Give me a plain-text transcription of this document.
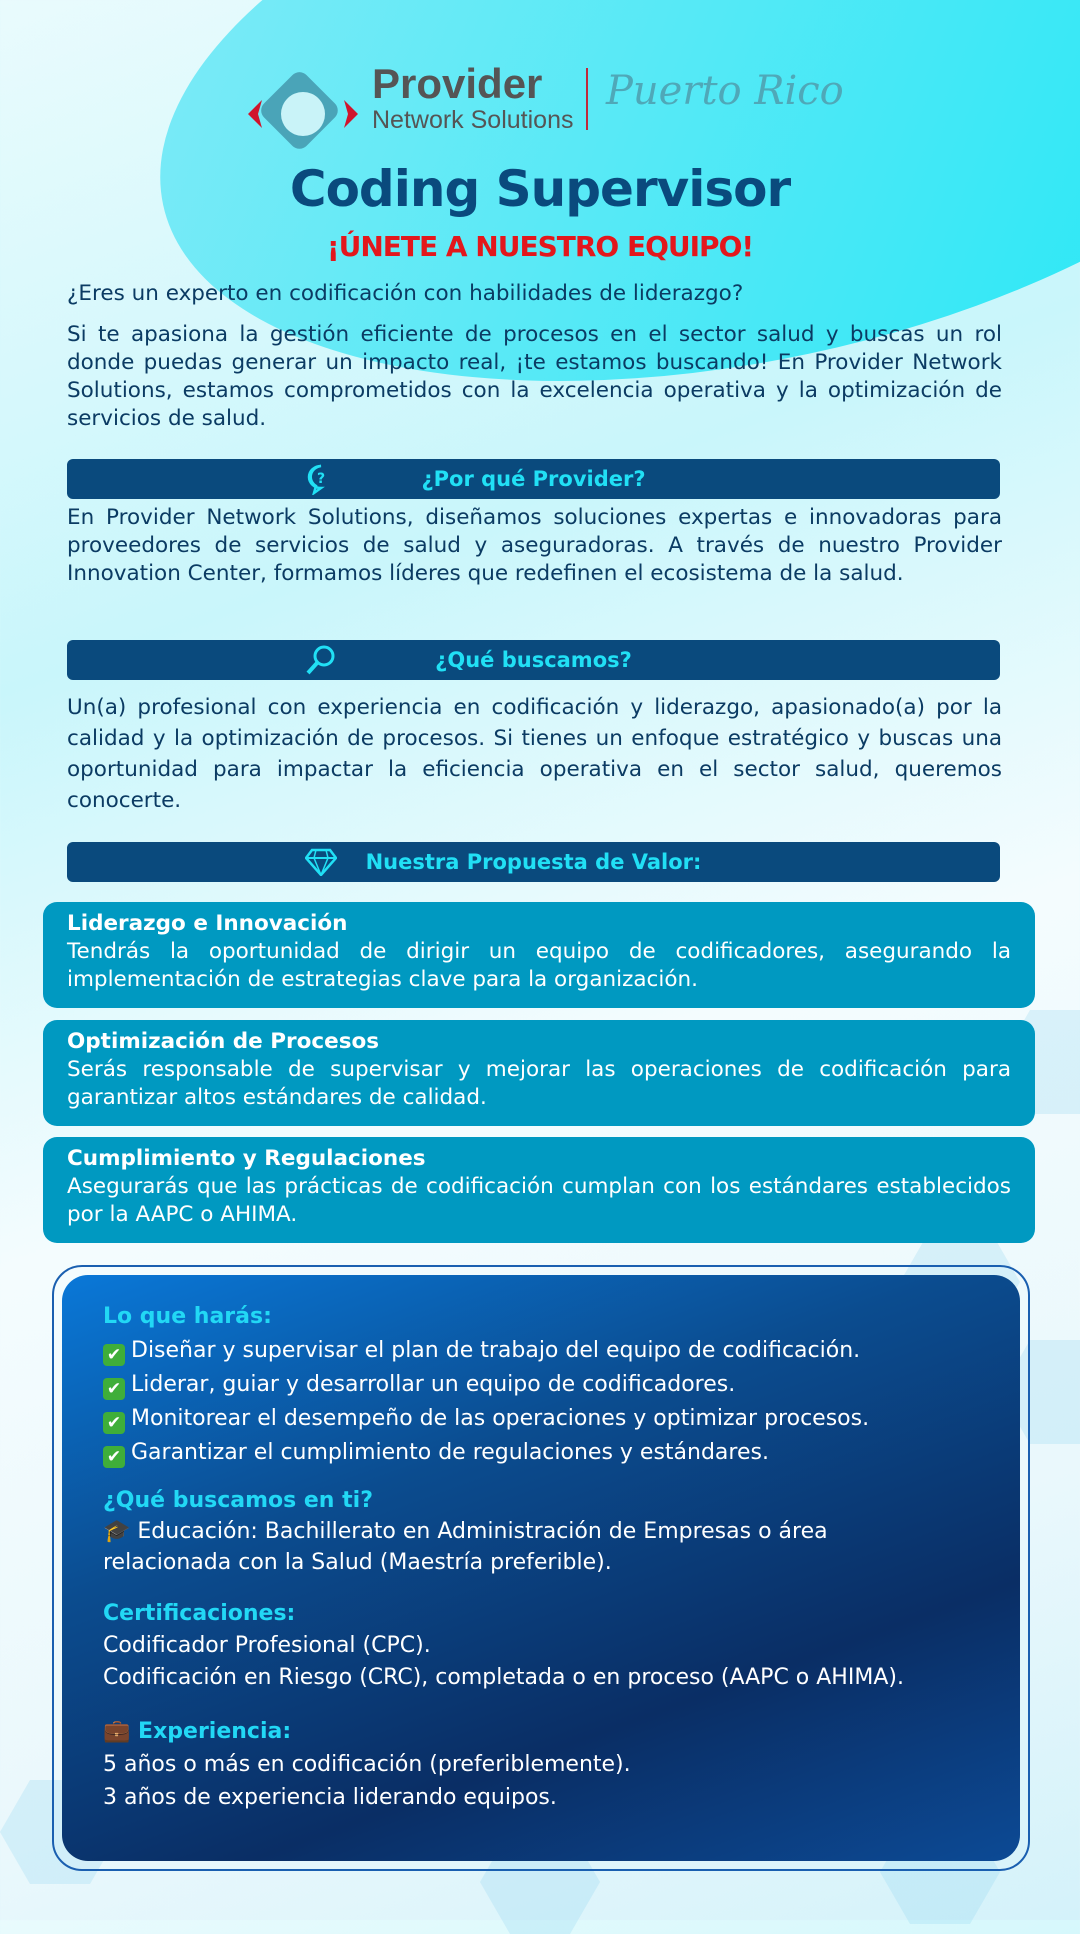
Provider
Network Solutions
Puerto Rico
Coding Supervisor
¡ÚNETE A NUESTRO EQUIPO!
¿Eres un experto en codificación con habilidades de liderazgo?
Si te apasiona la gestión eficiente de procesos en el sector salud y buscas un rol donde puedas generar un impacto real, ¡te estamos buscando! En Provider Network Solutions, estamos comprometidos con la excelencia operativa y la optimización de servicios de salud.
?	¿Por qué Provider?
En Provider Network Solutions, diseñamos soluciones expertas e innovadoras para proveedores de servicios de salud y aseguradoras. A través de nuestro Provider Innovation Center, formamos líderes que redefinen el ecosistema de la salud.
¿Qué buscamos?
Un(a) profesional con experiencia en codificación y liderazgo, apasionado(a) por la calidad y la optimización de procesos. Si tienes un enfoque estratégico y buscas una oportunidad para impactar la eficiencia operativa en el sector salud, queremos conocerte.
Nuestra Propuesta de Valor:
Liderazgo e Innovación

Tendrás la oportunidad de dirigir un equipo de codificadores, asegurando la implementación de estrategias clave para la organización.

Optimización de Procesos

Serás responsable de supervisar y mejorar las operaciones de codificación para garantizar altos estándares de calidad.

Cumplimiento y Regulaciones

Asegurarás que las prácticas de codificación cumplan con los estándares establecidos por la AAPC o AHIMA.

Lo que harás:
✔ Diseñar y supervisar el plan de trabajo del equipo de codificación.
✔ Liderar, guiar y desarrollar un equipo de codificadores.
✔ Monitorear el desempeño de las operaciones y optimizar procesos.
✔ Garantizar el cumplimiento de regulaciones y estándares.
¿Qué buscamos en ti?
🎓 Educación: Bachillerato en Administración de Empresas o área relacionada con la Salud (Maestría preferible).
Certificaciones:
Codificador Profesional (CPC).
Codificación en Riesgo (CRC), completada o en proceso (AAPC o AHIMA).
💼 Experiencia:
5 años o más en codificación (preferiblemente).
3 años de experiencia liderando equipos.
